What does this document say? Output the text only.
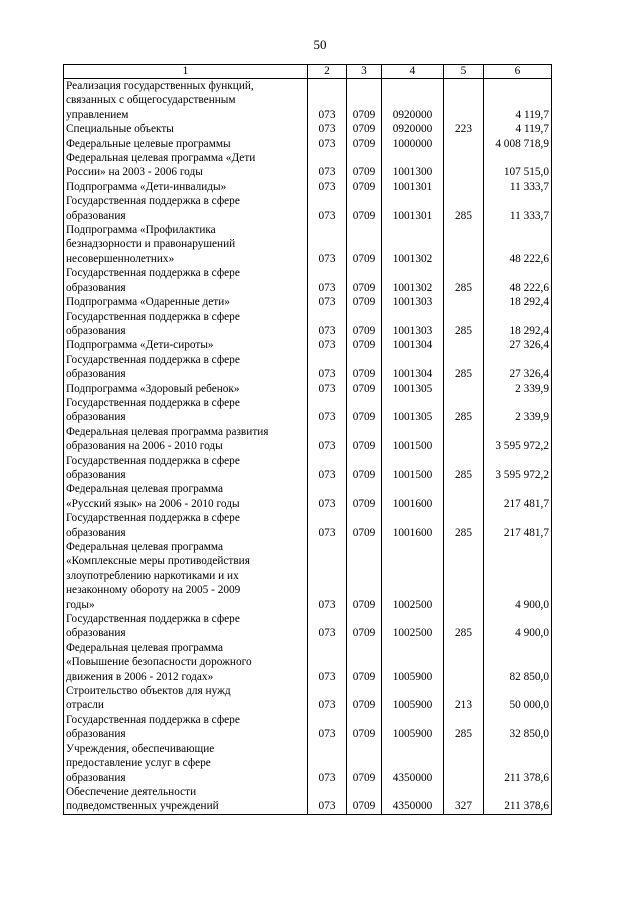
50
1	2	3	4	5	6
Реализация государственных функций,
связанных с общегосударственным
управлением	073	0709	0920000		4 119,7
Специальные объекты	073	0709	0920000	223	4 119,7
Федеральные целевые программы	073	0709	1000000		4 008 718,9
Федеральная целевая программа «Дети
России» на 2003 - 2006 годы	073	0709	1001300		107 515,0
Подпрограмма «Дети-инвалиды»	073	0709	1001301		11 333,7
Государственная поддержка в сфере
образования	073	0709	1001301	285	11 333,7
Подпрограмма «Профилактика
безнадзорности и правонарушений
несовершеннолетних»	073	0709	1001302		48 222,6
Государственная поддержка в сфере
образования	073	0709	1001302	285	48 222,6
Подпрограмма «Одаренные дети»	073	0709	1001303		18 292,4
Государственная поддержка в сфере
образования	073	0709	1001303	285	18 292,4
Подпрограмма «Дети-сироты»	073	0709	1001304		27 326,4
Государственная поддержка в сфере
образования	073	0709	1001304	285	27 326,4
Подпрограмма «Здоровый ребенок»	073	0709	1001305		2 339,9
Государственная поддержка в сфере
образования	073	0709	1001305	285	2 339,9
Федеральная целевая программа развития
образования на 2006 - 2010 годы	073	0709	1001500		3 595 972,2
Государственная поддержка в сфере
образования	073	0709	1001500	285	3 595 972,2
Федеральная целевая программа
«Русский язык» на 2006 - 2010 годы	073	0709	1001600		217 481,7
Государственная поддержка в сфере
образования	073	0709	1001600	285	217 481,7
Федеральная целевая программа
«Комплексные меры противодействия
злоупотреблению наркотиками и их
незаконному обороту на 2005 - 2009
годы»	073	0709	1002500		4 900,0
Государственная поддержка в сфере
образования	073	0709	1002500	285	4 900,0
Федеральная целевая программа
«Повышение безопасности дорожного
движения в 2006 - 2012 годах»	073	0709	1005900		82 850,0
Строительство объектов для нужд
отрасли	073	0709	1005900	213	50 000,0
Государственная поддержка в сфере
образования	073	0709	1005900	285	32 850,0
Учреждения, обеспечивающие
предоставление услуг в сфере
образования	073	0709	4350000		211 378,6
Обеспечение деятельности
подведомственных учреждений	073	0709	4350000	327	211 378,6
